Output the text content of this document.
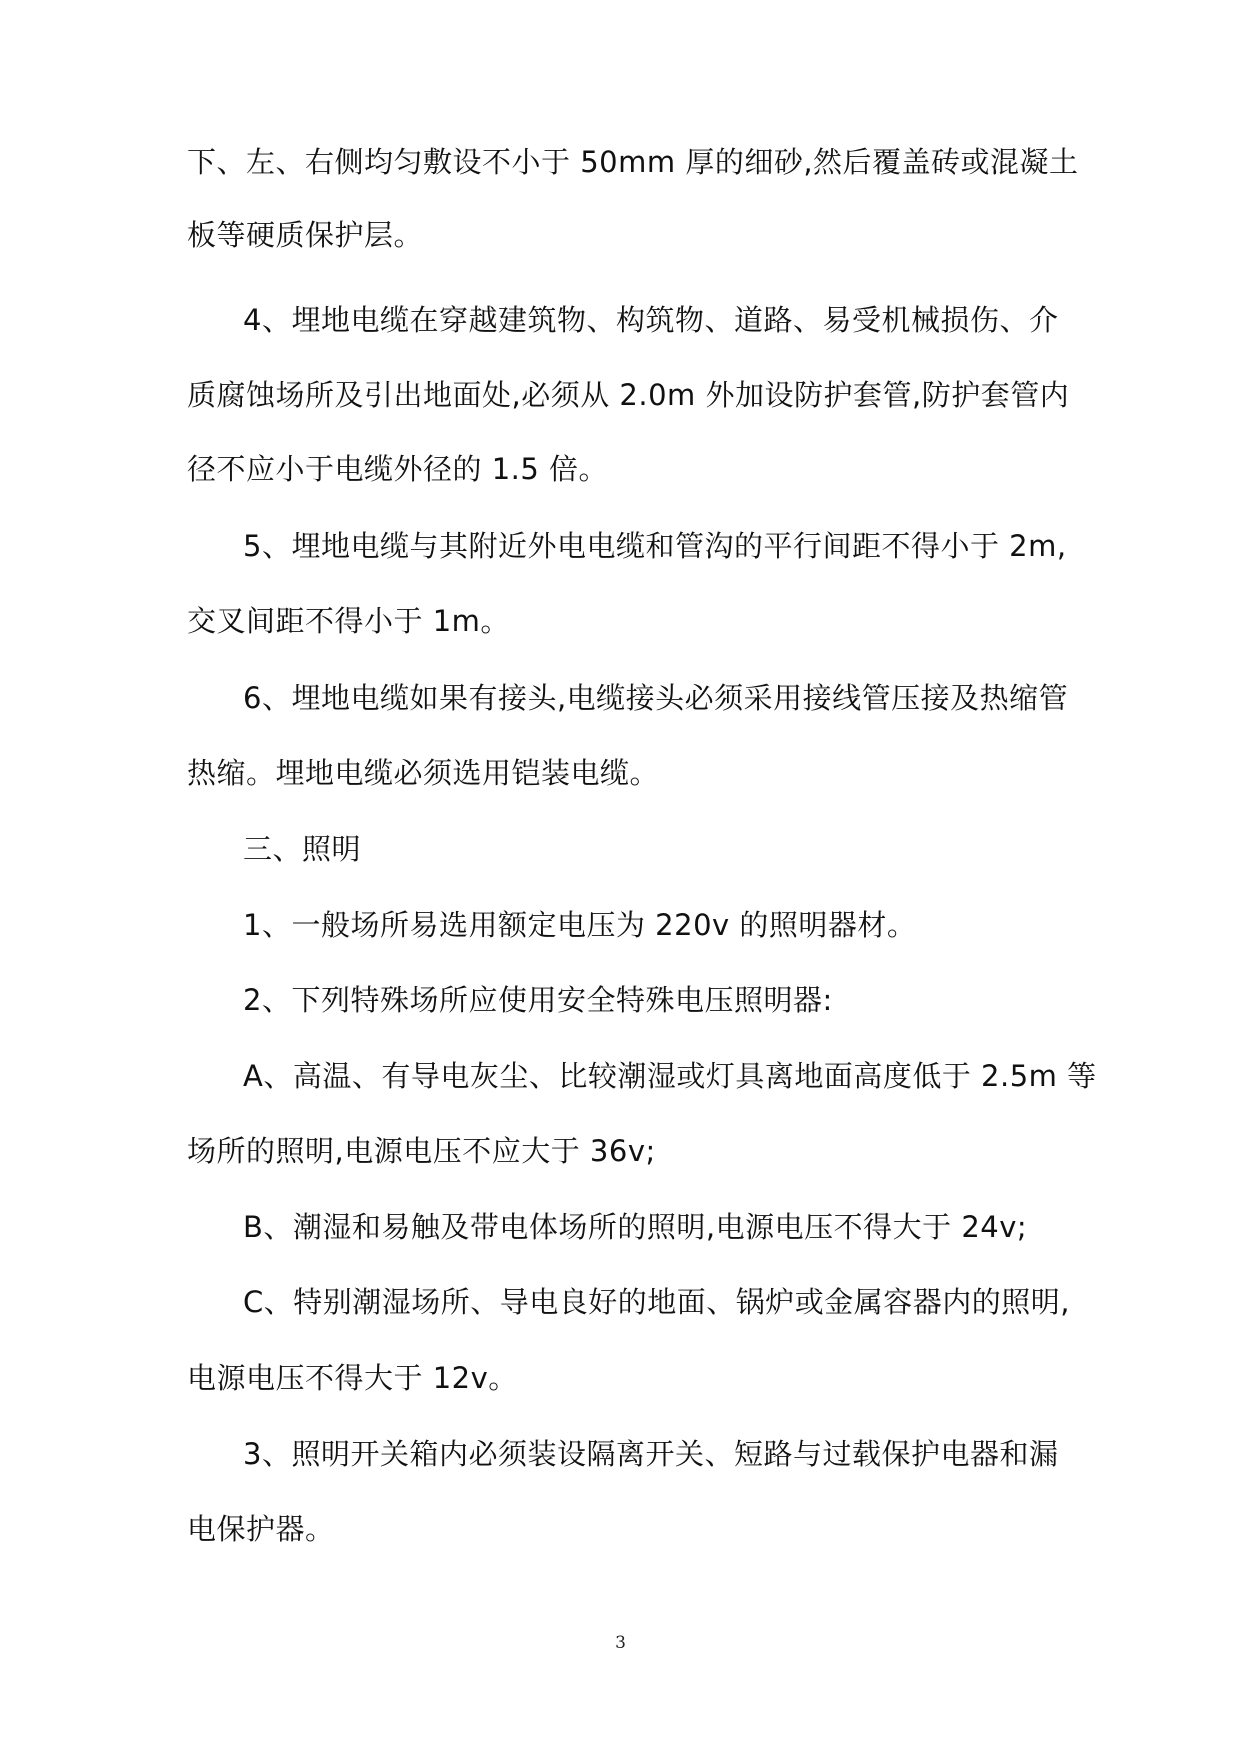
下、左、右侧均匀敷设不小于 50mm 厚的细砂,然后覆盖砖或混凝土
板等硬质保护层。
4、埋地电缆在穿越建筑物、构筑物、道路、易受机械损伤、介
质腐蚀场所及引出地面处,必须从 2.0m 外加设防护套管,防护套管内
径不应小于电缆外径的 1.5 倍。
5、埋地电缆与其附近外电电缆和管沟的平行间距不得小于 2m,
交叉间距不得小于 1m。
6、埋地电缆如果有接头,电缆接头必须采用接线管压接及热缩管
热缩。埋地电缆必须选用铠装电缆。
三、照明
1、一般场所易选用额定电压为 220v 的照明器材。
2、下列特殊场所应使用安全特殊电压照明器:
A、高温、有导电灰尘、比较潮湿或灯具离地面高度低于 2.5m 等
场所的照明,电源电压不应大于 36v;
B、潮湿和易触及带电体场所的照明,电源电压不得大于 24v;
C、特别潮湿场所、导电良好的地面、锅炉或金属容器内的照明,
电源电压不得大于 12v。
3、照明开关箱内必须装设隔离开关、短路与过载保护电器和漏
电保护器。
3
